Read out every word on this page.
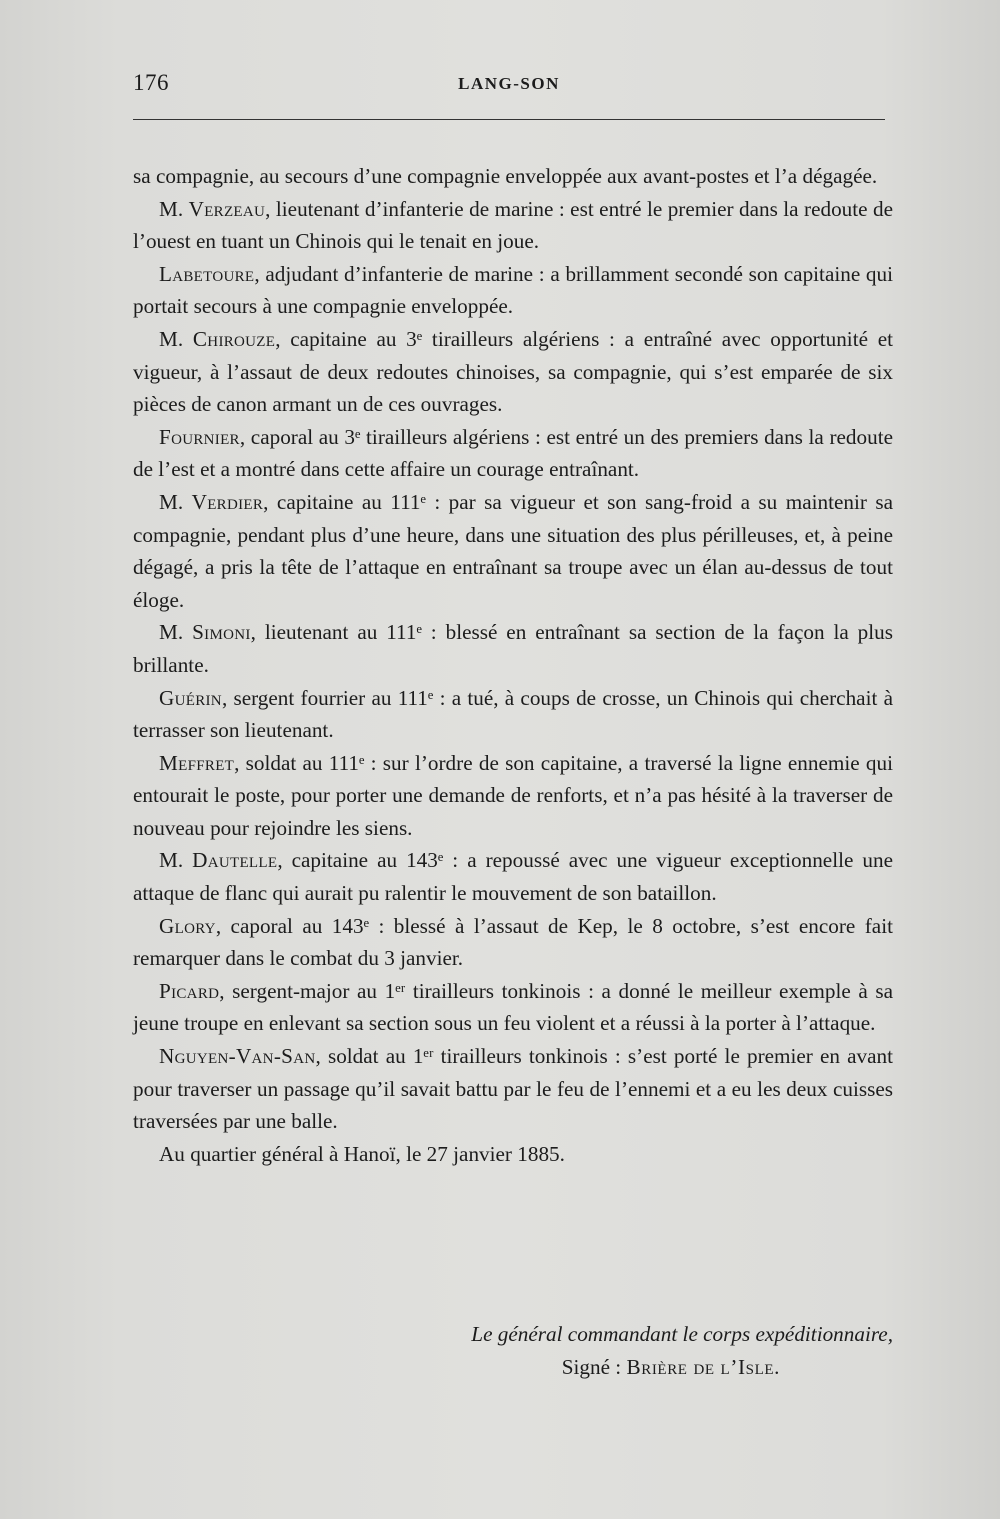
176	LANG-SON

sa compagnie, au secours d’une compagnie enveloppée aux avant-postes et l’a dégagée.

M. Verzeau, lieutenant d’infanterie de marine : est entré le premier dans la redoute de l’ouest en tuant un Chinois qui le tenait en joue.

Labetoure, adjudant d’infanterie de marine : a brillamment secondé son capitaine qui portait secours à une compagnie enveloppée.

M. Chirouze, capitaine au 3ᵉ tirailleurs algériens : a entraîné avec opportunité et vigueur, à l’assaut de deux redoutes chinoises, sa compagnie, qui s’est emparée de six pièces de canon armant un de ces ouvrages.

Fournier, caporal au 3ᵉ tirailleurs algériens : est entré un des premiers dans la redoute de l’est et a montré dans cette affaire un courage entraînant.

M. Verdier, capitaine au 111ᵉ : par sa vigueur et son sang-froid a su maintenir sa compagnie, pendant plus d’une heure, dans une situation des plus périlleuses, et, à peine dégagé, a pris la tête de l’attaque en entraînant sa troupe avec un élan au-dessus de tout éloge.

M. Simoni, lieutenant au 111ᵉ : blessé en entraînant sa section de la façon la plus brillante.

Guérin, sergent fourrier au 111ᵉ : a tué, à coups de crosse, un Chinois qui cherchait à terrasser son lieutenant.

Meffret, soldat au 111ᵉ : sur l’ordre de son capitaine, a traversé la ligne ennemie qui entourait le poste, pour porter une demande de renforts, et n’a pas hésité à la traverser de nouveau pour rejoindre les siens.

M. Dautelle, capitaine au 143ᵉ : a repoussé avec une vigueur exceptionnelle une attaque de flanc qui aurait pu ralentir le mouvement de son bataillon.

Glory, caporal au 143ᵉ : blessé à l’assaut de Kep, le 8 octobre, s’est encore fait remarquer dans le combat du 3 janvier.

Picard, sergent-major au 1ᵉʳ tirailleurs tonkinois : a donné le meilleur exemple à sa jeune troupe en enlevant sa section sous un feu violent et a réussi à la porter à l’attaque.

Nguyen-Van-San, soldat au 1ᵉʳ tirailleurs tonkinois : s’est porté le premier en avant pour traverser un passage qu’il savait battu par le feu de l’ennemi et a eu les deux cuisses traversées par une balle.

Au quartier général à Hanoï, le 27 janvier 1885.

Le général commandant le corps expéditionnaire,
Signé : Brière de l’Isle.
